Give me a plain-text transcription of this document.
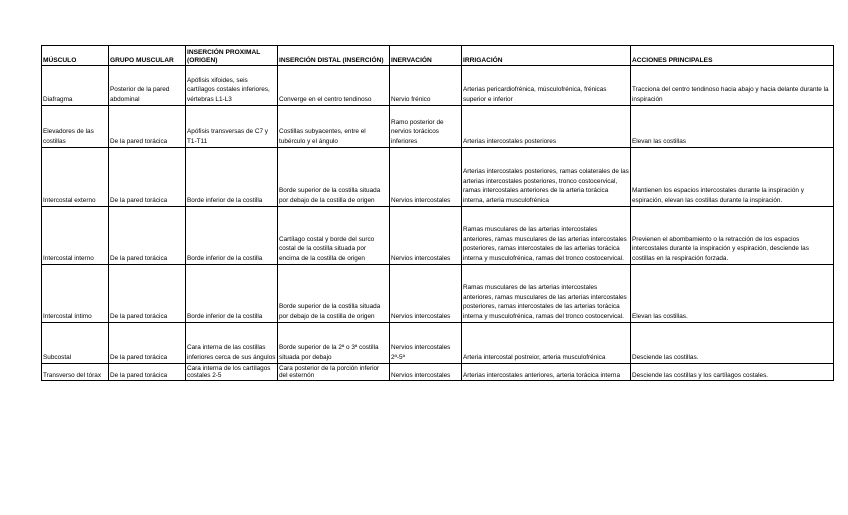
MÚSCULO	GRUPO MUSCULAR	INSERCIÓN PROXIMAL (ORIGEN)	INSERCIÓN DISTAL (INSERCIÓN)	INERVACIÓN	IRRIGACIÓN	ACCIONES PRINCIPALES
Diafragma	Posterior de la pared abdominal	Apófisis xifoides, seis cartílagos costales inferiores, vértebras L1-L3	Converge en el centro tendinoso	Nervio frénico	Arterias pericardiofrénica, músculofrénica, frénicas superior e inferior	Tracciona del centro tendinoso hacia abajo y hacia delante durante la inspiración
Elevadores de las costillas	De la pared torácica	Apófisis transversas de C7 y T1-T11	Costillas subyacentes, entre el tubérculo y el ángulo	Ramo posterior de nervios torácicos inferiores	Arterias intercostales posteriores	Elevan las costillas
Intercostal externo	De la pared torácica	Borde inferior de la costilla	Borde superior de la costilla situada por debajo de la costilla de origen	Nervios intercostales	Arterias intercostales posteriores, ramas colaterales de las arterias intercostales posteriores, tronco costocervical, ramas intercostales anteriores de la arteria torácica interna, arteria musculofrénica	Mantienen los espacios intercostales durante la inspiración y espiración, elevan las costillas durante la inspiración.
Intercostal interno	De la pared torácica	Borde inferior de la costilla	Cartílago costal y borde del surco costal de la costilla situada por encima de la costilla de origen	Nervios intercostales	Ramas musculares de las arterias intercostales anteriores, ramas musculares de las arterias intercostales posteriores, ramas intercostales de las arterias torácica interna y musculofrénica, ramas del tronco costocervical.	Previenen el abombamiento o la retracción de los espacios intercostales durante la inspiración y espiración, desciende las costillas en la respiración forzada.
Intercostal íntimo	De la pared torácica	Borde inferior de la costilla	Borde superior de la costilla situada por debajo de la costilla de origen	Nervios intercostales	Ramas musculares de las arterias intercostales anteriores, ramas musculares de las arterias intercostales posteriores, ramas intercostales de las arterias torácica interna y musculofrénica, ramas del tronco costocervical.	Elevan las costillas.
Subcostal	De la pared torácica	Cara interna de las costillas inferiores cerca de sus ángulos	Borde superior de la 2ª o 3ª costilla situada por debajo	Nervios intercostales 2ª-5ª	Arteria intercostal postreior, arteria musculofrénica	Desciende las costillas.
Transverso del tórax	De la pared torácica	Cara interna de los cartílagos costales 2-5	Cara posterior de la porción inferior del esternón	Nervios intercostales	Arterias intercostales anteriores, arteria torácica interna	Desciende las costillas y los cartílagos costales.
